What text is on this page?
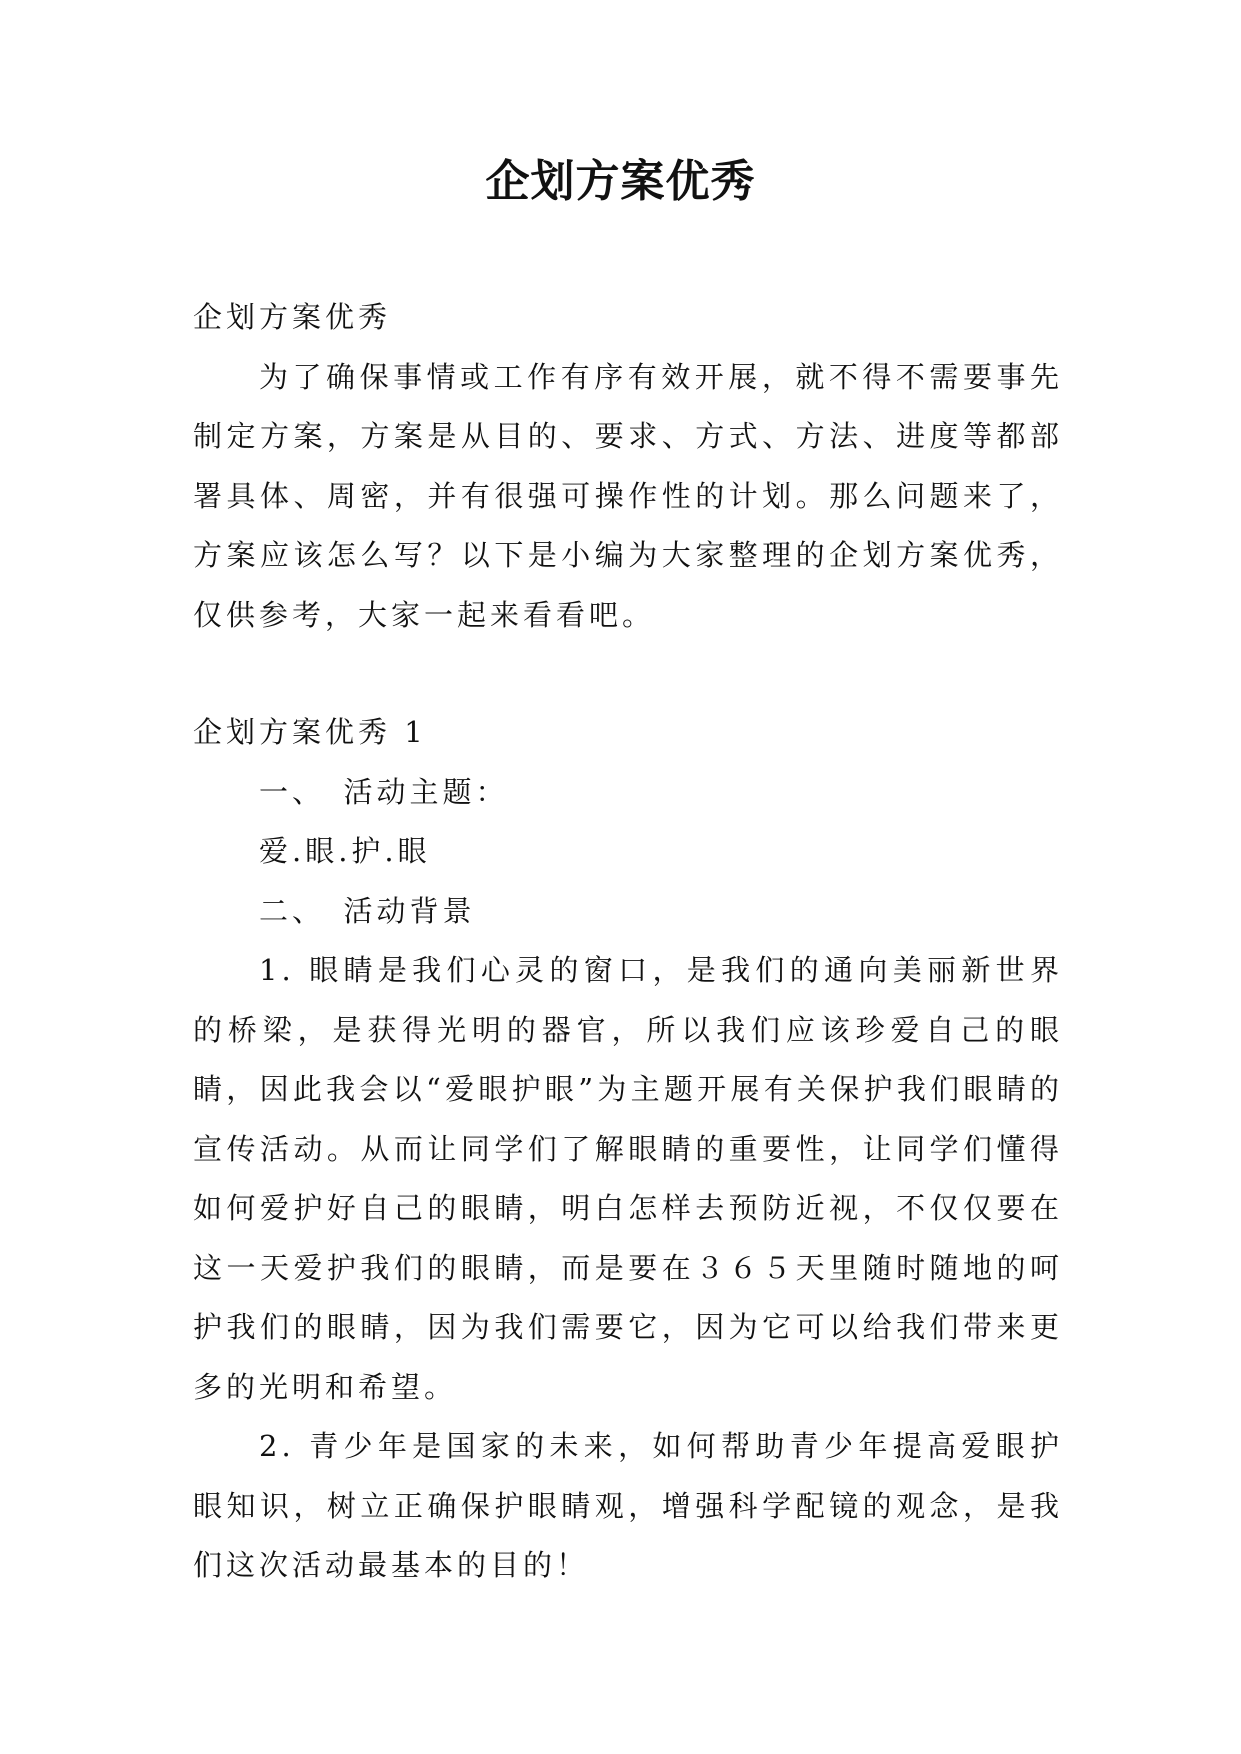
企划方案优秀

企划方案优秀

为了确保事情或工作有序有效开展，就不得不需要事先制定方案，方案是从目的、要求、方式、方法、进度等都部署具体、周密，并有很强可操作性的计划。那么问题来了，方案应该怎么写？以下是小编为大家整理的企划方案优秀，仅供参考，大家一起来看看吧。

企划方案优秀 1

一、　活动主题：

爱.眼.护.眼

二、　活动背景

1. 眼睛是我们心灵的窗口，是我们的通向美丽新世界的桥梁，是获得光明的器官，所以我们应该珍爱自己的眼睛，因此我会以“爱眼护眼”为主题开展有关保护我们眼睛的宣传活动。从而让同学们了解眼睛的重要性，让同学们懂得如何爱护好自己的眼睛，明白怎样去预防近视，不仅仅要在这一天爱护我们的眼睛，而是要在３６５天里随时随地的呵护我们的眼睛，因为我们需要它，因为它可以给我们带来更多的光明和希望。

2. 青少年是国家的未来，如何帮助青少年提高爱眼护眼知识，树立正确保护眼睛观，增强科学配镜的观念，是我们这次活动最基本的目的！
